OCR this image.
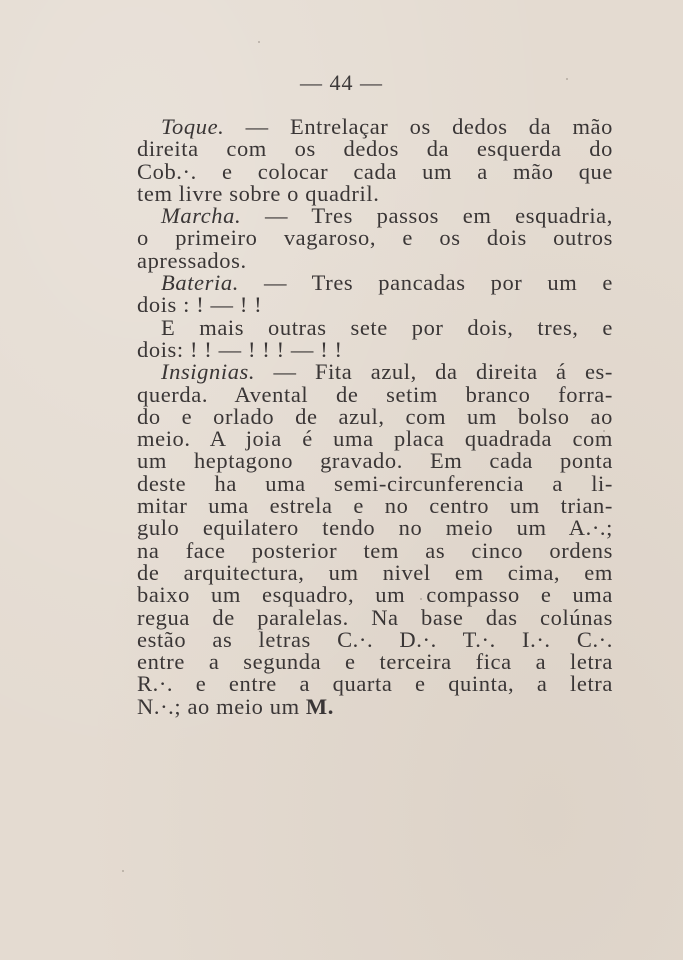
— 44 —
Toque. — Entrelaçar os dedos da mão
direita com os dedos da esquerda do
Cob.·. e colocar cada um a mão que
tem livre sobre o quadril.
Marcha. — Tres passos em esquadria,
o primeiro vagaroso, e os dois outros
apressados.
Bateria. — Tres pancadas por um e
dois : ! — ! !
E mais outras sete por dois, tres, e
dois: ! ! — ! ! ! — ! !
Insignias. — Fita azul, da direita á es-
querda. Avental de setim branco forra-
do e orlado de azul, com um bolso ao
meio. A joia é uma placa quadrada com
um heptagono gravado. Em cada ponta
deste ha uma semi-circunferencia a li-
mitar uma estrela e no centro um trian-
gulo equilatero tendo no meio um A.·.;
na face posterior tem as cinco ordens
de arquitectura, um nivel em cima, em
baixo um esquadro, um compasso e uma
regua de paralelas. Na base das colúnas
estão as letras C.·. D.·. T.·. I.·. C.·.
entre a segunda e terceira fica a letra
R.·. e entre a quarta e quinta, a letra
N.·.; ao meio um M.
